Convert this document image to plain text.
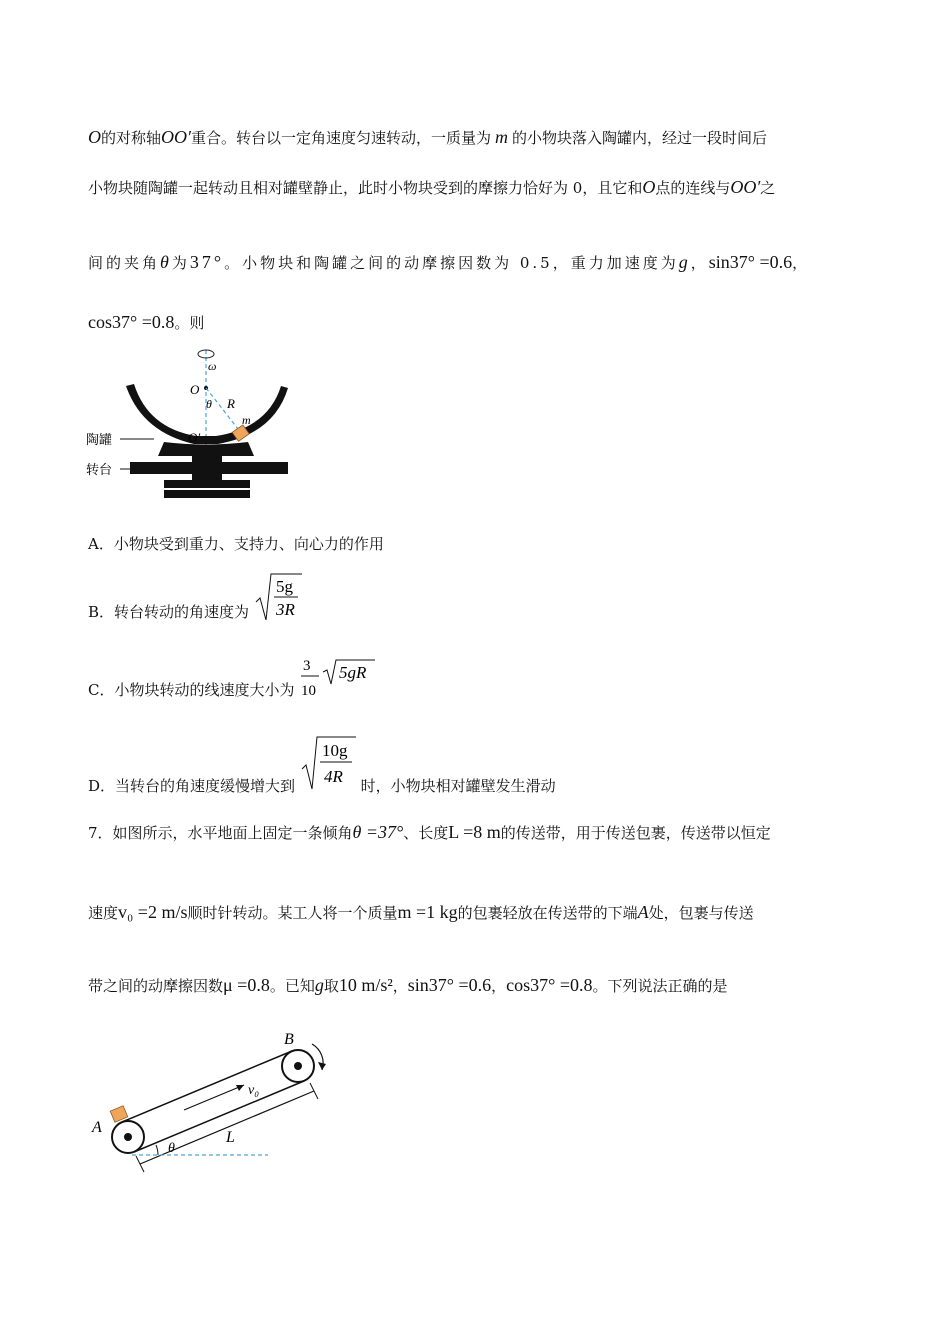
O的对称轴OO′重合。转台以一定角速度匀速转动，一质量为 m 的小物块落入陶罐内，经过一段时间后
小物块随陶罐一起转动且相对罐壁静止，此时小物块受到的摩擦力恰好为 0，且它和O点的连线与OO′之
间的夹角θ为37°。小物块和陶罐之间的动摩擦因数为 0.5，重力加速度为g，sin37° =0.6，
cos37° =0.8。则
ω
O
θ R
m
O′
陶罐
转台
A．小物块受到重力、支持力、向心力的作用
B．转台转动的角速度为
5g
3R
C．小物块转动的线速度大小为
3
10
5gR
D．当转台的角速度缓慢增大到
10g
4R 时，小物块相对罐壁发生滑动
7．如图所示，水平地面上固定一条倾角θ =37°、长度L =8 m的传送带，用于传送包裹，传送带以恒定
速度v₀ =2 m/s顺时针转动。某工人将一个质量m =1 kg的包裹轻放在传送带的下端A处，包裹与传送
带之间的动摩擦因数μ =0.8。已知g取10 m/s²，sin37° =0.6，cos37° =0.8。下列说法正确的是
v₀
L
θ
A
B
